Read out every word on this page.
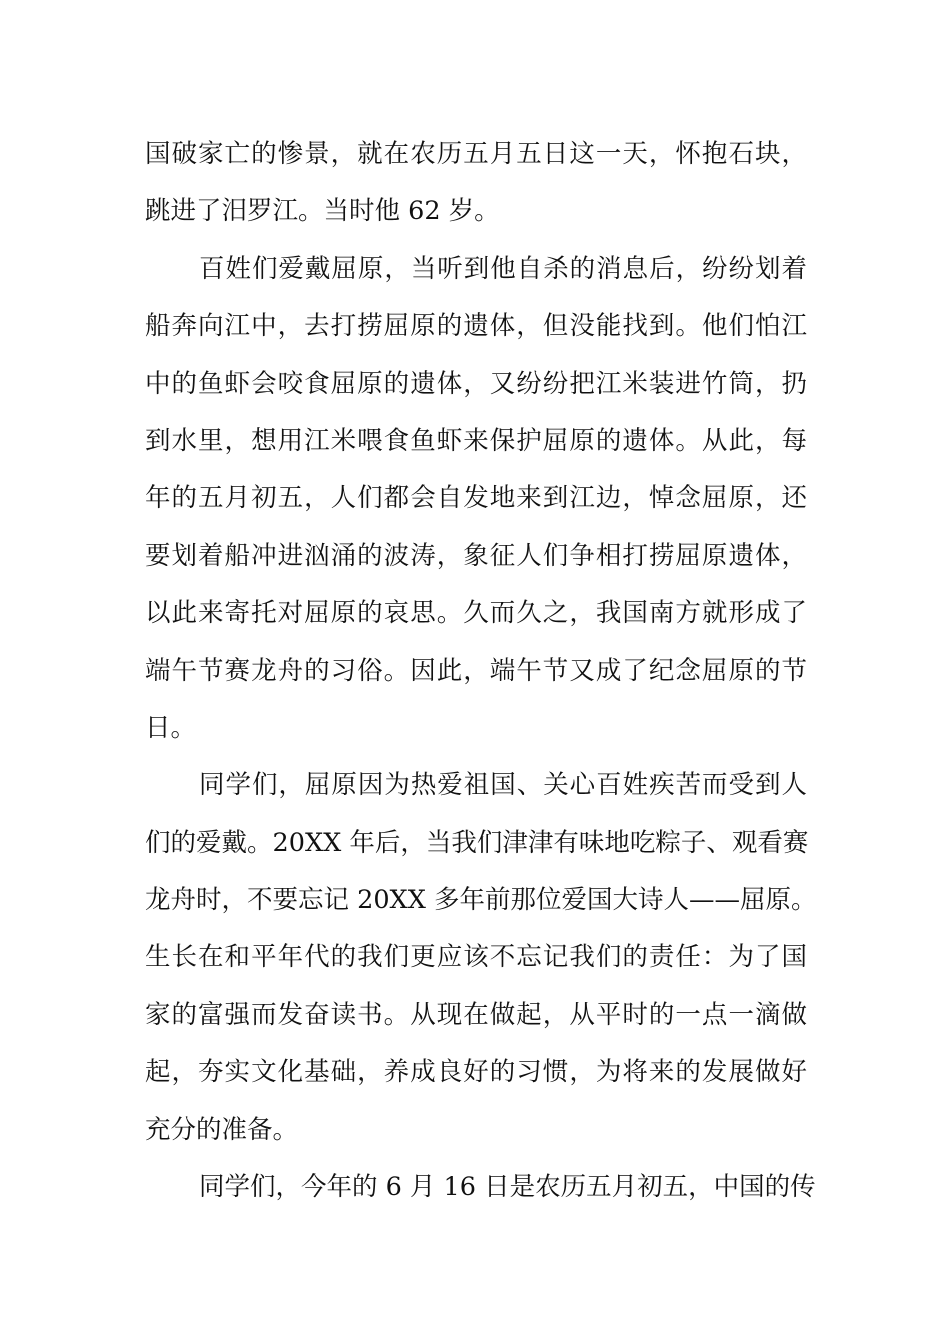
国破家亡的惨景，就在农历五月五日这一天，怀抱石块，
跳进了汨罗江。当时他 62 岁。
百姓们爱戴屈原，当听到他自杀的消息后，纷纷划着
船奔向江中，去打捞屈原的遗体，但没能找到。他们怕江
中的鱼虾会咬食屈原的遗体，又纷纷把江米装进竹筒，扔
到水里，想用江米喂食鱼虾来保护屈原的遗体。从此，每
年的五月初五，人们都会自发地来到江边，悼念屈原，还
要划着船冲进汹涌的波涛，象征人们争相打捞屈原遗体，
以此来寄托对屈原的哀思。久而久之，我国南方就形成了
端午节赛龙舟的习俗。因此，端午节又成了纪念屈原的节
日。
同学们，屈原因为热爱祖国、关心百姓疾苦而受到人
们的爱戴。20XX 年后，当我们津津有味地吃粽子、观看赛
龙舟时，不要忘记 20XX 多年前那位爱国大诗人——屈原。
生长在和平年代的我们更应该不忘记我们的责任：为了国
家的富强而发奋读书。从现在做起，从平时的一点一滴做
起，夯实文化基础，养成良好的习惯，为将来的发展做好
充分的准备。
同学们，今年的 6 月 16 日是农历五月初五，中国的传
